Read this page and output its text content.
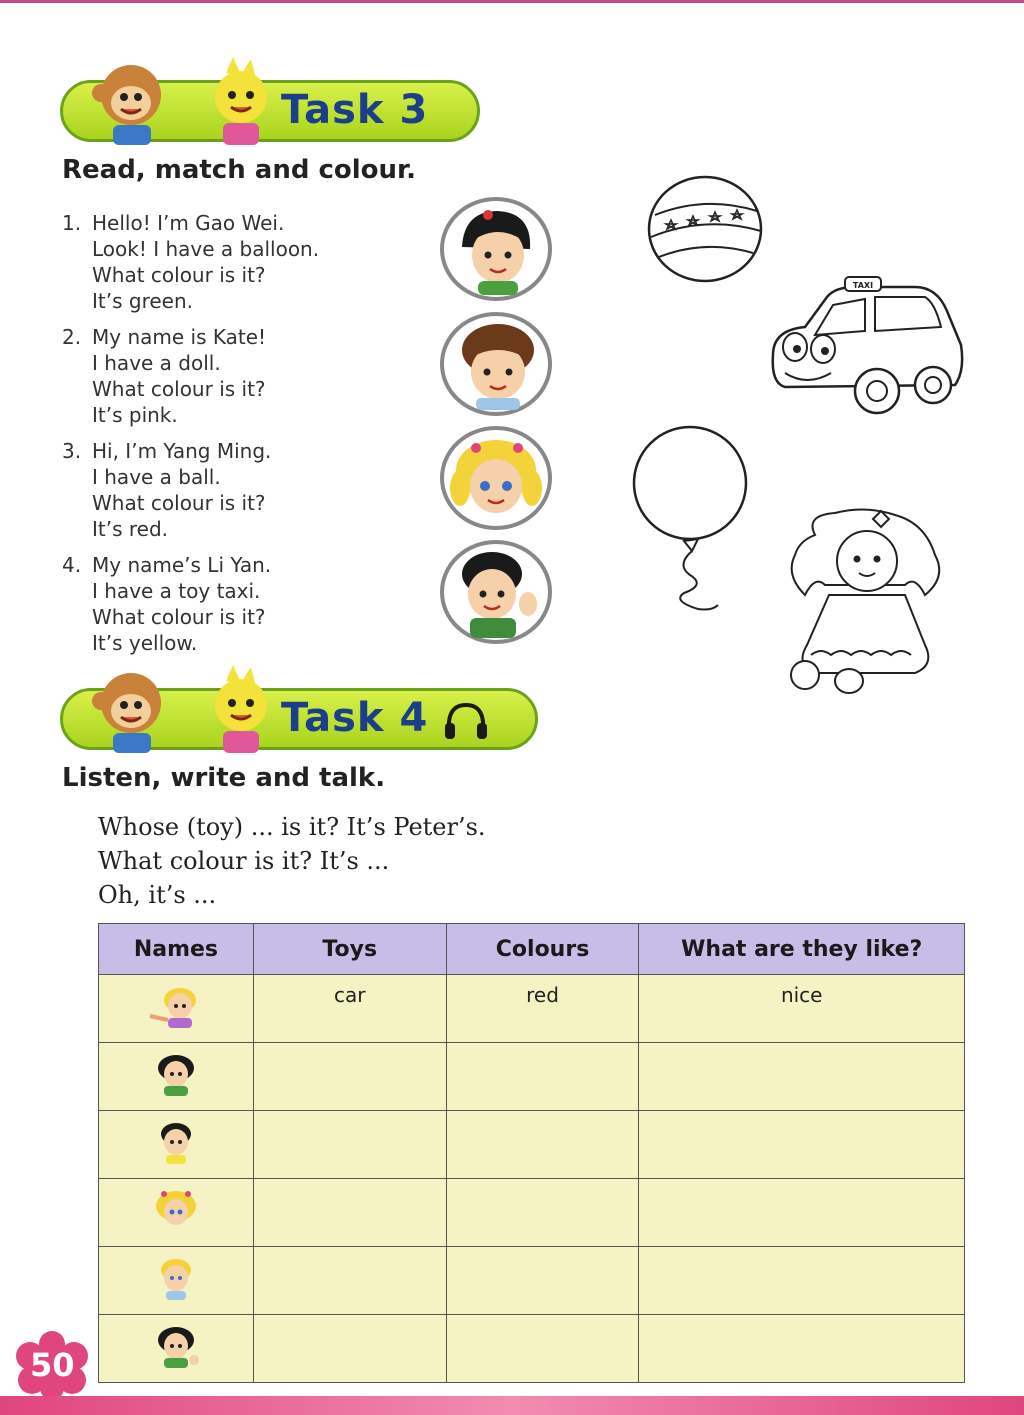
Task 3
Read, match and colour.
1. Hello! I’m Gao Wei.
Look! I have a balloon.
What colour is it?
It’s green.
2. My name is Kate!
I have a doll.
What colour is it?
It’s pink.
3. Hi, I’m Yang Ming.
I have a ball.
What colour is it?
It’s red.
4. My name’s Li Yan.
I have a toy taxi.
What colour is it?
It’s yellow.
TAXI
Task 4
Listen, write and talk.
Whose (toy) ... is it? It’s Peter’s.
What colour is it? It’s ...
Oh, it’s ...
Names	Toys	Colours	What are they like?
	car	red	nice

50
